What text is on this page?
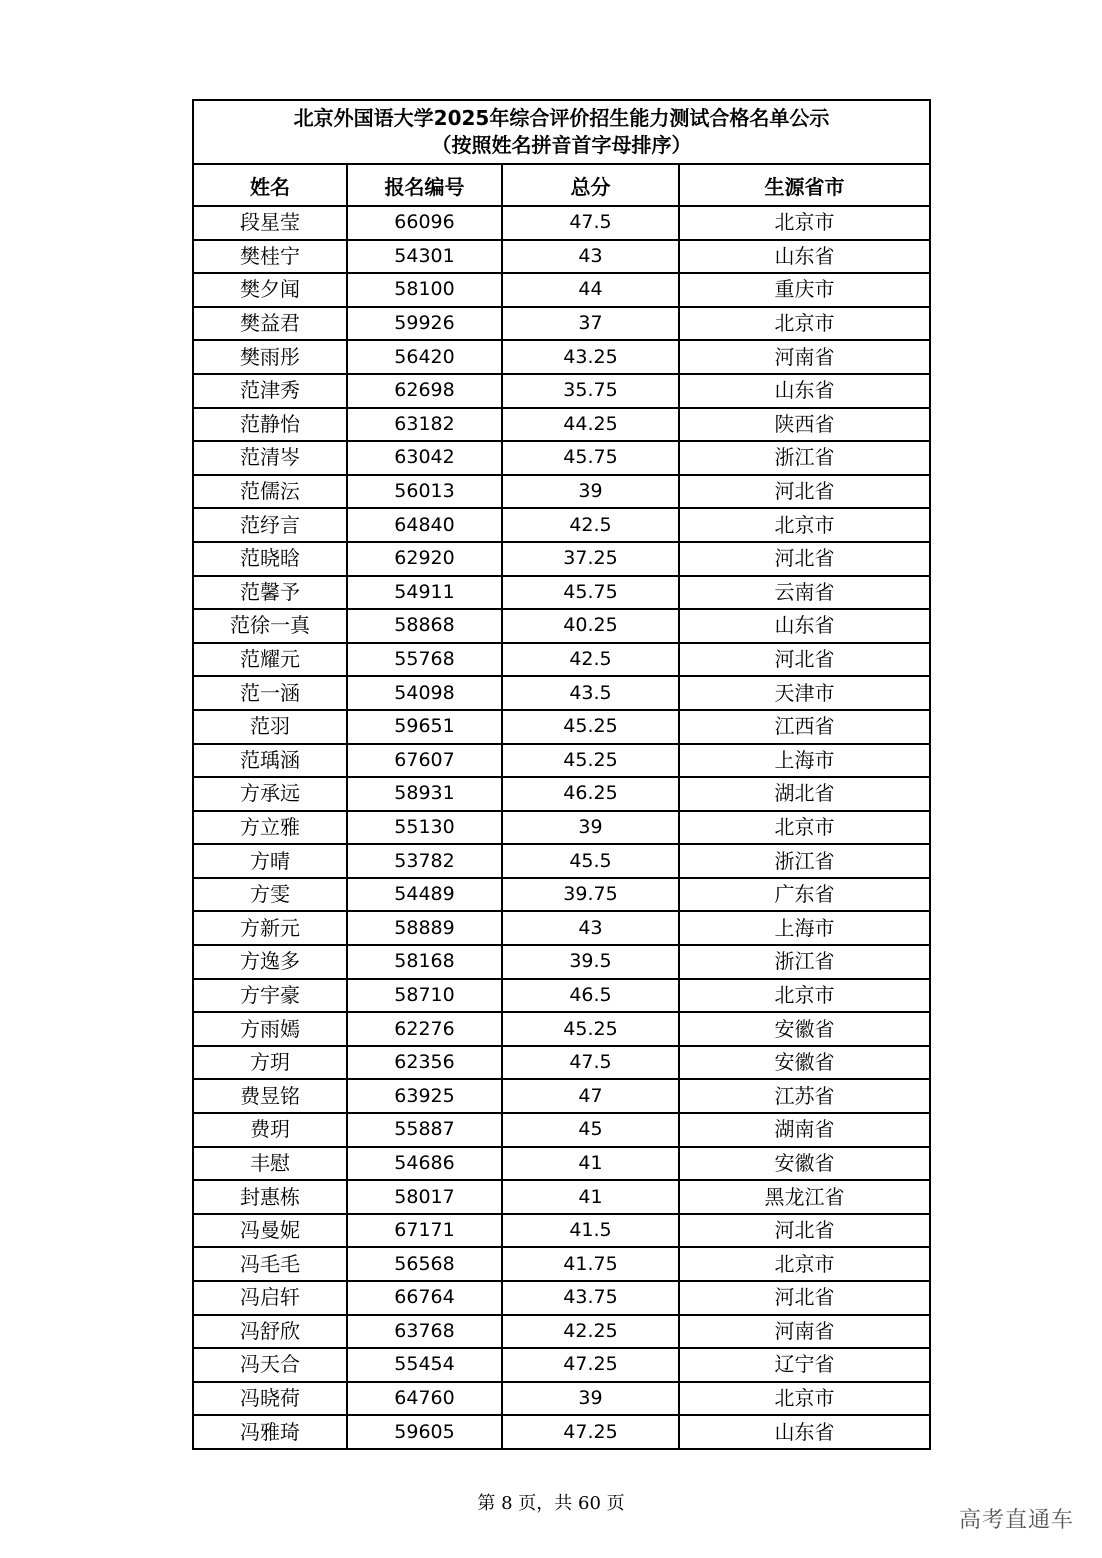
北京外国语大学2025年综合评价招生能力测试合格名单公示
（按照姓名拼音首字母排序）
姓名	报名编号	总分	生源省市
段星莹	66096	47.5	北京市
樊桂宁	54301	43	山东省
樊夕闻	58100	44	重庆市
樊益君	59926	37	北京市
樊雨彤	56420	43.25	河南省
范津秀	62698	35.75	山东省
范静怡	63182	44.25	陕西省
范清岑	63042	45.75	浙江省
范儒沄	56013	39	河北省
范纾言	64840	42.5	北京市
范晓晗	62920	37.25	河北省
范馨予	54911	45.75	云南省
范徐一真	58868	40.25	山东省
范耀元	55768	42.5	河北省
范一涵	54098	43.5	天津市
范羽	59651	45.25	江西省
范瑀涵	67607	45.25	上海市
方承远	58931	46.25	湖北省
方立雅	55130	39	北京市
方晴	53782	45.5	浙江省
方雯	54489	39.75	广东省
方新元	58889	43	上海市
方逸多	58168	39.5	浙江省
方宇豪	58710	46.5	北京市
方雨嫣	62276	45.25	安徽省
方玥	62356	47.5	安徽省
费昱铭	63925	47	江苏省
费玥	55887	45	湖南省
丰慰	54686	41	安徽省
封惠栋	58017	41	黑龙江省
冯曼妮	67171	41.5	河北省
冯毛毛	56568	41.75	北京市
冯启轩	66764	43.75	河北省
冯舒欣	63768	42.25	河南省
冯天合	55454	47.25	辽宁省
冯晓荷	64760	39	北京市
冯雅琦	59605	47.25	山东省
第 8 页，共 60 页
高考直通车
